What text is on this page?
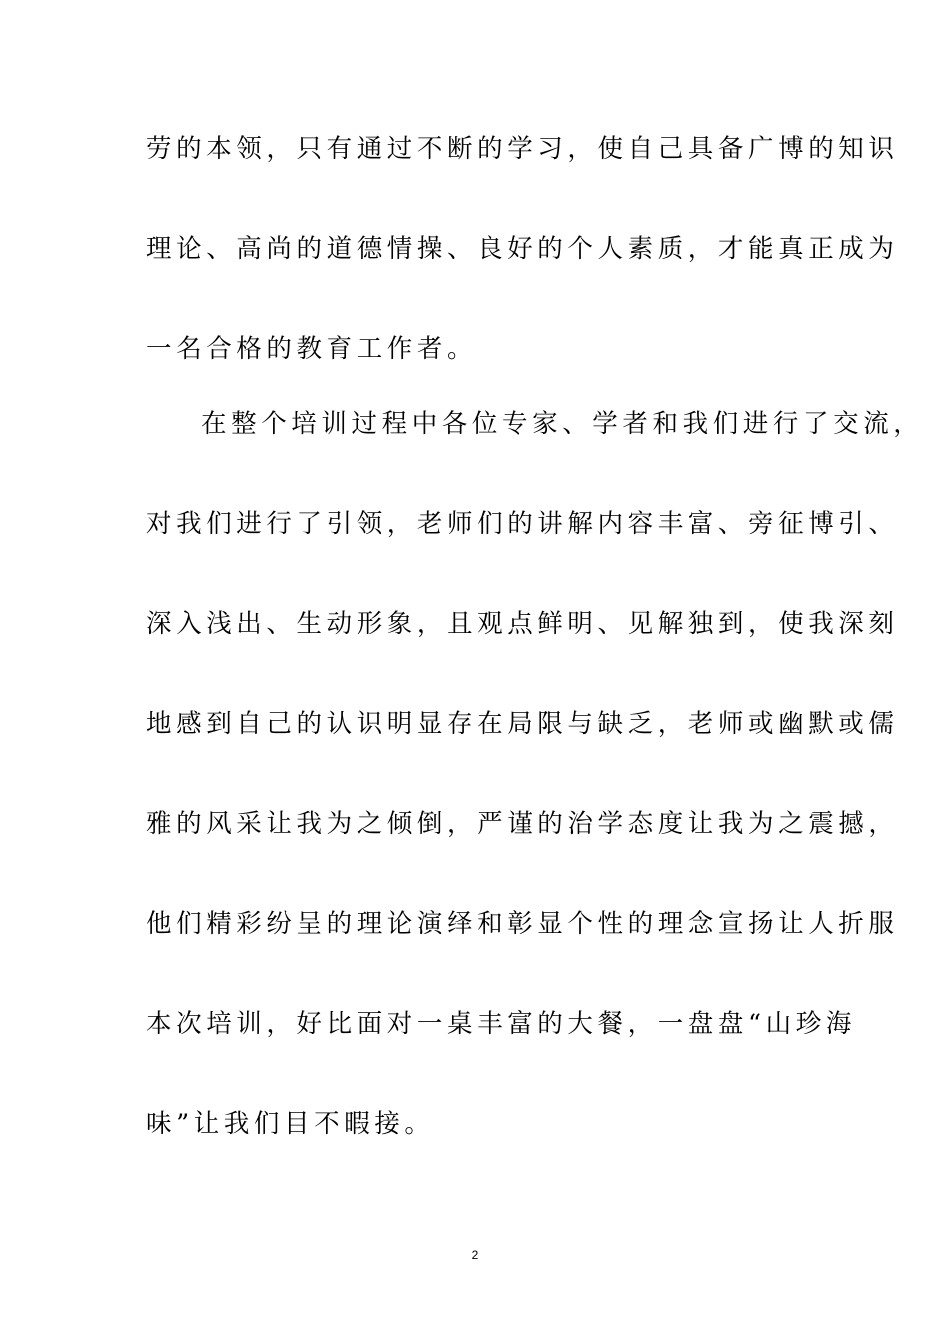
劳的本领，只有通过不断的学习，使自己具备广博的知识
理论、高尚的道德情操、良好的个人素质，才能真正成为
一名合格的教育工作者。
在整个培训过程中各位专家、学者和我们进行了交流，
对我们进行了引领，老师们的讲解内容丰富、旁征博引、
深入浅出、生动形象，且观点鲜明、见解独到，使我深刻
地感到自己的认识明显存在局限与缺乏，老师或幽默或儒
雅的风采让我为之倾倒，严谨的治学态度让我为之震撼，
他们精彩纷呈的理论演绎和彰显个性的理念宣扬让人折服
本次培训，好比面对一桌丰富的大餐，一盘盘“山珍海
味”让我们目不暇接。
2
